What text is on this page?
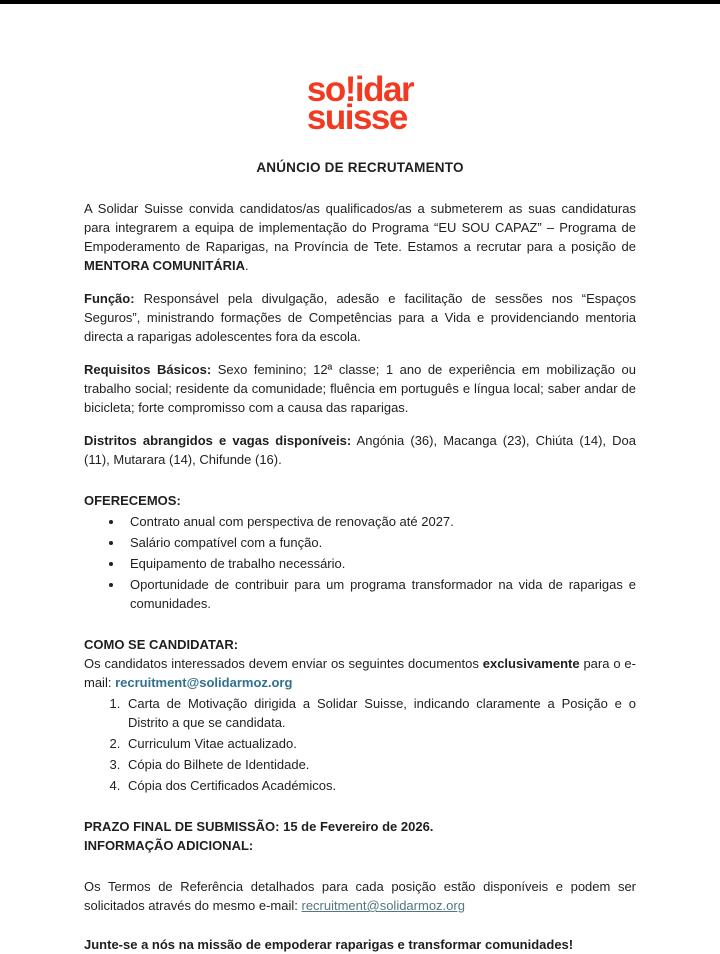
so!idar
suisse
ANÚNCIO DE RECRUTAMENTO

A Solidar Suisse convida candidatos/as qualificados/as a submeterem as suas candidaturas para integrarem a equipa de implementação do Programa “EU SOU CAPAZ” – Programa de Empoderamento de Raparigas, na Província de Tete. Estamos a recrutar para a posição de MENTORA COMUNITÁRIA.

Função: Responsável pela divulgação, adesão e facilitação de sessões nos “Espaços Seguros”, ministrando formações de Competências para a Vida e providenciando mentoria directa a raparigas adolescentes fora da escola.

Requisitos Básicos: Sexo feminino; 12ª classe; 1 ano de experiência em mobilização ou trabalho social; residente da comunidade; fluência em português e língua local; saber andar de bicicleta; forte compromisso com a causa das raparigas.

Distritos abrangidos e vagas disponíveis: Angónia (36), Macanga (23), Chiúta (14), Doa (11), Mutarara (14), Chifunde (16).

OFERECEMOS:

• Contrato anual com perspectiva de renovação até 2027.
• Salário compatível com a função.
• Equipamento de trabalho necessário.
• Oportunidade de contribuir para um programa transformador na vida de raparigas e comunidades.

COMO SE CANDIDATAR:

Os candidatos interessados devem enviar os seguintes documentos exclusivamente para o e-mail: recruitment@solidarmoz.org

1. Carta de Motivação dirigida a Solidar Suisse, indicando claramente a Posição e o Distrito a que se candidata.
2. Curriculum Vitae actualizado.
3. Cópia do Bilhete de Identidade.
4. Cópia dos Certificados Académicos.

PRAZO FINAL DE SUBMISSÃO: 15 de Fevereiro de 2026.

INFORMAÇÃO ADICIONAL:

Os Termos de Referência detalhados para cada posição estão disponíveis e podem ser solicitados através do mesmo e-mail: recruitment@solidarmoz.org

Junte-se a nós na missão de empoderar raparigas e transformar comunidades!
